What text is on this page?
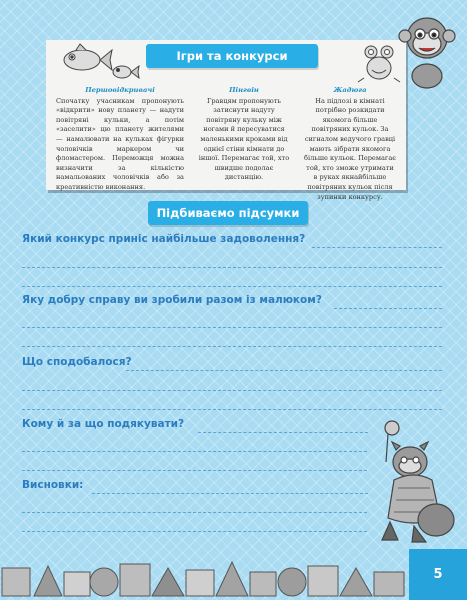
Ігри та конкурси
Першовідкривачі
Спочатку учасникам пропонують «відкрити» нову планету — надути повітряні кульки, а потім «заселити» цю планету жителями — намалювати на кульках фігурки чоловічків маркером чи фломастером. Переможця можна визначити за кількістю намальованих чоловічків або за креативністю виконання.
Пінгвін
Гравцям пропонують затиснути надуту повітряну кульку між ногами й пересуватися маленькими кроками від однієї стіни кімнати до іншої. Перемагає той, хто швидше подолає дистанцію.
Жадюга
На підлозі в кімнаті потрібно розкидати якомога більше повітряних кульок. За сигналом ведучого гравці мають зібрати якомога більше кульок. Перемагає той, хто зможе утримати в руках якнайбільше повітряних кульок після зупинки конкурсу.
Підбиваємо підсумки
Який конкурс приніс найбільше задоволення?
Яку добру справу ви зробили разом із малюком?
Що сподобалося?
Кому й за що подякувати?
Висновки:
5
